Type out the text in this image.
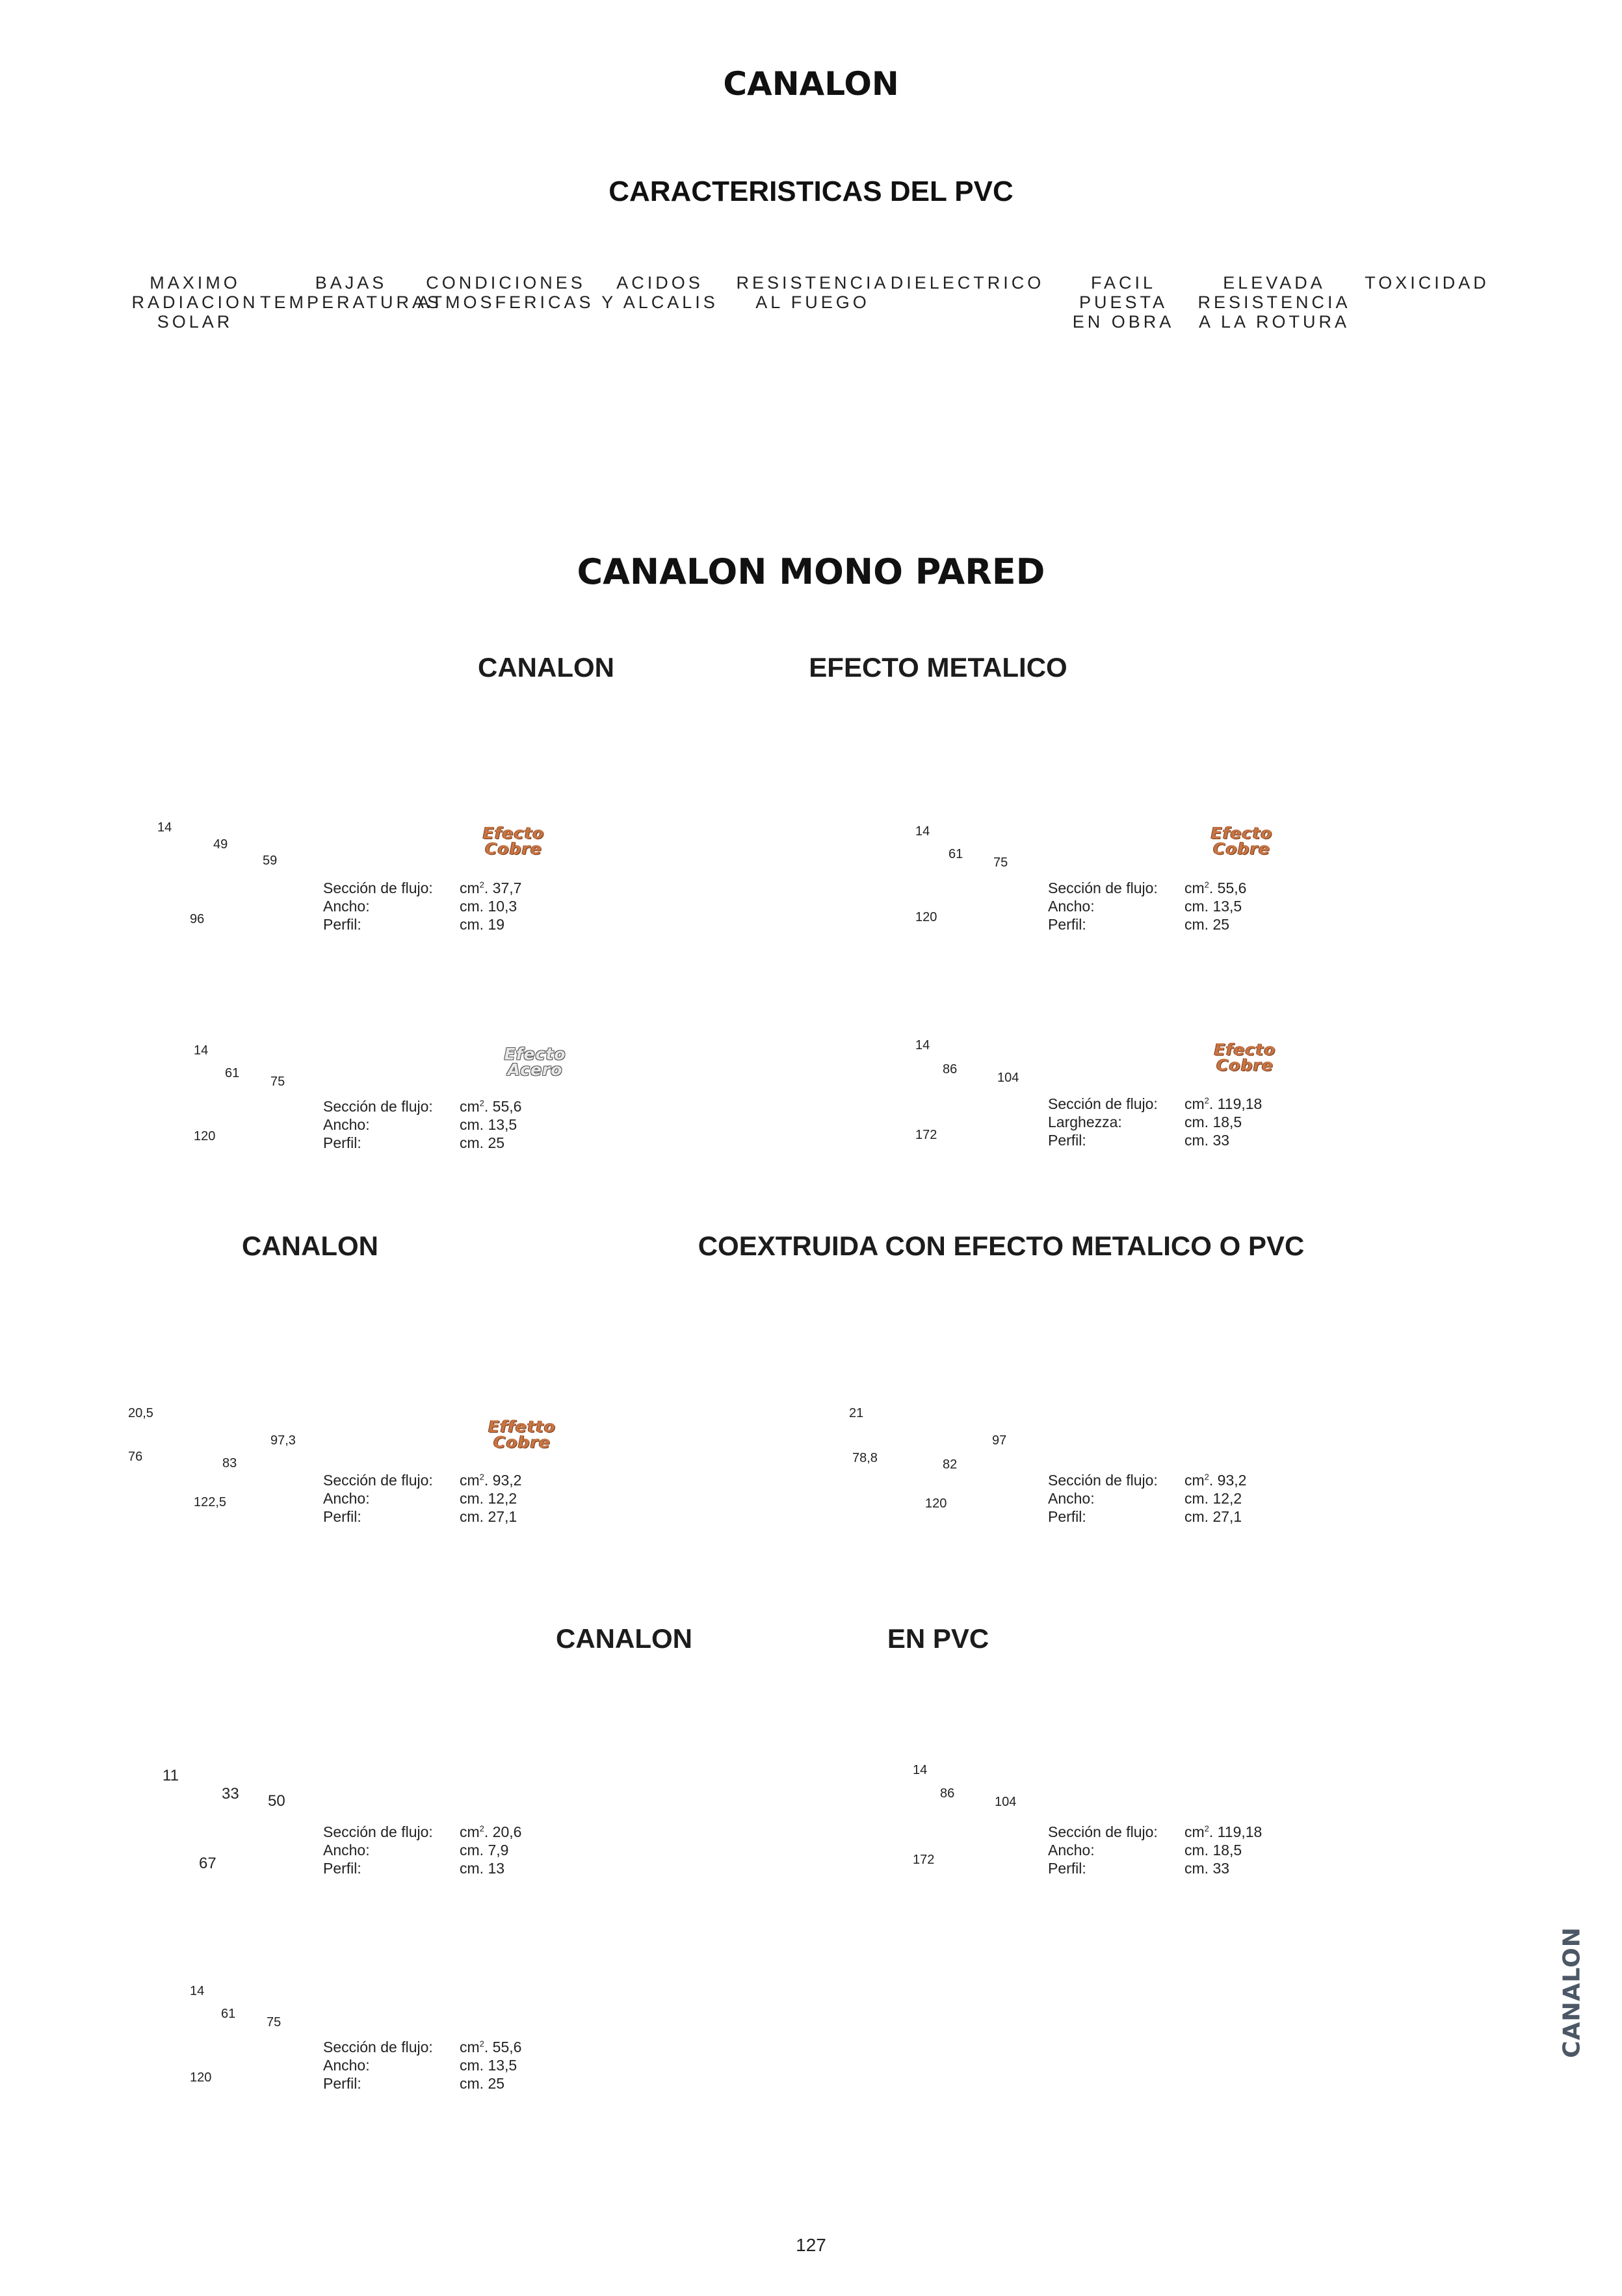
CANALON
CARACTERISTICAS DEL PVC
MAXIMO
RADIACION
SOLAR
BAJAS
TEMPERATURAS
CONDICIONES
ATMOSFERICAS
ACIDOS
Y ALCALIS
RESISTENCIA
AL FUEGO
DIELECTRICO	FACIL
PUESTA
EN OBRA
ELEVADA
RESISTENCIA
A LA ROTURA
TOXICIDAD
CANALON MONO PARED
CANALON	EFECTO METALICO
14
49
59
96
Efecto
Cobre
Sección de flujo: $cm^2$. 37,7
Ancho:	cm. 10,3
Perfil:	cm. 19
14
61
75
120
Efecto
Cobre
Sección de flujo: $cm^2$. 55,6
Ancho:	cm. 13,5
Perfil:	cm. 25
14
61
75
120
Efecto
Acero
Sección de flujo: $cm^2$. 55,6
Ancho:	cm. 13,5
Perfil:	cm. 25
14
86
104
172
Efecto
Cobre
Sección de flujo: $cm^2$. 119,18
Larghezza:	cm. 18,5
Perfil:	cm. 33
CANALON	COEXTRUIDA CON EFECTO METALICO O PVC
20,5
76	83
97,3
122,5
Effetto
Cobre
Sección de flujo: $cm^2$. 93,2
Ancho:	cm. 12,2
Perfil:	cm. 27,1
21
78,8	82
97
120
Sección de flujo: $cm^2$. 93,2
Ancho:	cm. 12,2
Perfil:	cm. 27,1
CANALON	EN PVC
11
33 50
67
Sección de flujo: $cm^2$. 20,6
Ancho:	cm. 7,9
Perfil:	cm. 13
14
86
104
172
Sección de flujo: $cm^2$. 119,18
Ancho:	cm. 18,5
Perfil:	cm. 33
14
61
75
120
Sección de flujo: $cm^2$. 55,6
Ancho:	cm. 13,5
Perfil:	cm. 25
CANALON
127
